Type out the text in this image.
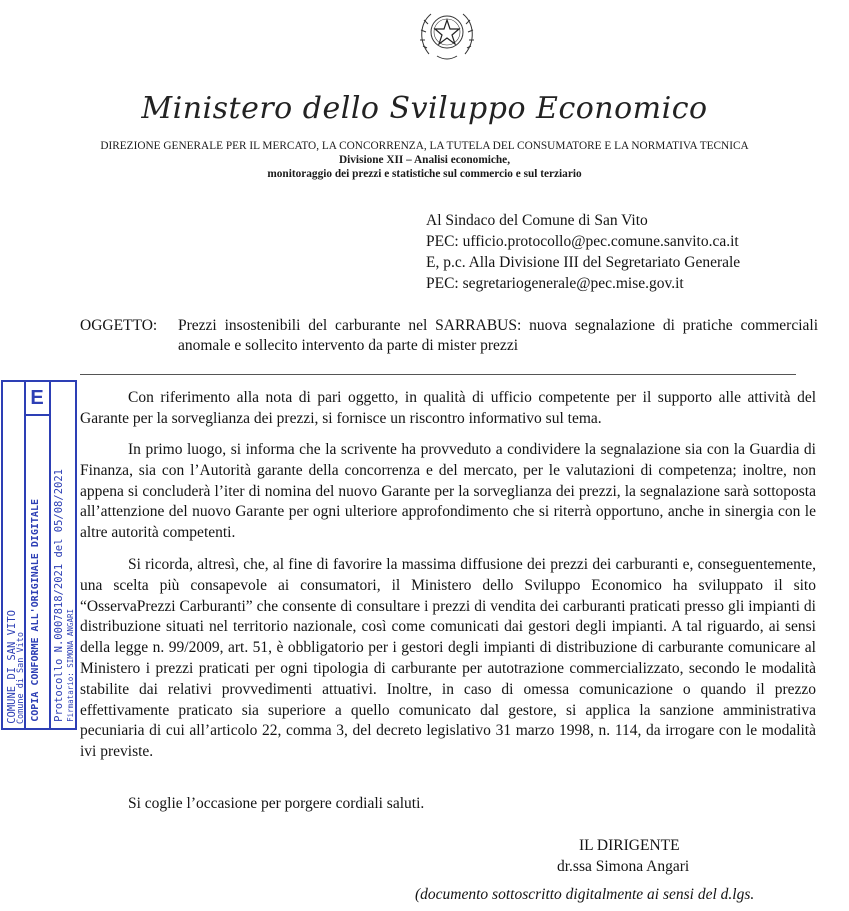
Ministero dello Sviluppo Economico
DIREZIONE GENERALE PER IL MERCATO, LA CONCORRENZA, LA TUTELA DEL CONSUMATORE E LA NORMATIVA TECNICA
Divisione XII – Analisi economiche,
monitoraggio dei prezzi e statistiche sul commercio e sul terziario
Al Sindaco del Comune di San Vito
PEC: ufficio.protocollo@pec.comune.sanvito.ca.it
E, p.c. Alla Divisione III del Segretariato Generale
PEC: segretariogenerale@pec.mise.gov.it
OGGETTO: Prezzi insostenibili del carburante nel SARRABUS: nuova segnalazione di pratiche commerciali anomale e sollecito intervento da parte di mister prezzi
Con riferimento alla nota di pari oggetto, in qualità di ufficio competente per il supporto alle attività del Garante per la sorveglianza dei prezzi, si fornisce un riscontro informativo sul tema.
In primo luogo, si informa che la scrivente ha provveduto a condividere la segnalazione sia con la Guardia di Finanza, sia con l’Autorità garante della concorrenza e del mercato, per le valutazioni di competenza; inoltre, non appena si concluderà l’iter di nomina del nuovo Garante per la sorveglianza dei prezzi, la segnalazione sarà sottoposta all’attenzione del nuovo Garante per ogni ulteriore approfondimento che si riterrà opportuno, anche in sinergia con le altre autorità competenti.
Si ricorda, altresì, che, al fine di favorire la massima diffusione dei prezzi dei carburanti e, conseguentemente, una scelta più consapevole ai consumatori, il Ministero dello Sviluppo Economico ha sviluppato il sito “OsservaPrezzi Carburanti” che consente di consultare i prezzi di vendita dei carburanti praticati presso gli impianti di distribuzione situati nel territorio nazionale, così come comunicati dai gestori degli impianti. A tal riguardo, ai sensi della legge n. 99/2009, art. 51, è obbligatorio per i gestori degli impianti di distribuzione di carburante comunicare al Ministero i prezzi praticati per ogni tipologia di carburante per autotrazione commercializzato, secondo le modalità stabilite dai relativi provvedimenti attuativi. Inoltre, in caso di omessa comunicazione o quando il prezzo effettivamente praticato sia superiore a quello comunicato dal gestore, si applica la sanzione amministrativa pecuniaria di cui all’articolo 22, comma 3, del decreto legislativo 31 marzo 1998, n. 114, da irrogare con le modalità ivi previste.
Si coglie l’occasione per porgere cordiali saluti.
IL DIRIGENTE
dr.ssa Simona Angari
(documento sottoscritto digitalmente ai sensi del d.lgs.
E
COMUNE DI SAN VITO
Comune di San Vito COPIA CONFORME ALL'ORIGINALE DIGITALE Protocollo N.0007818/2021 del 05/08/2021 Firmatario: SIMONA ANGARI
